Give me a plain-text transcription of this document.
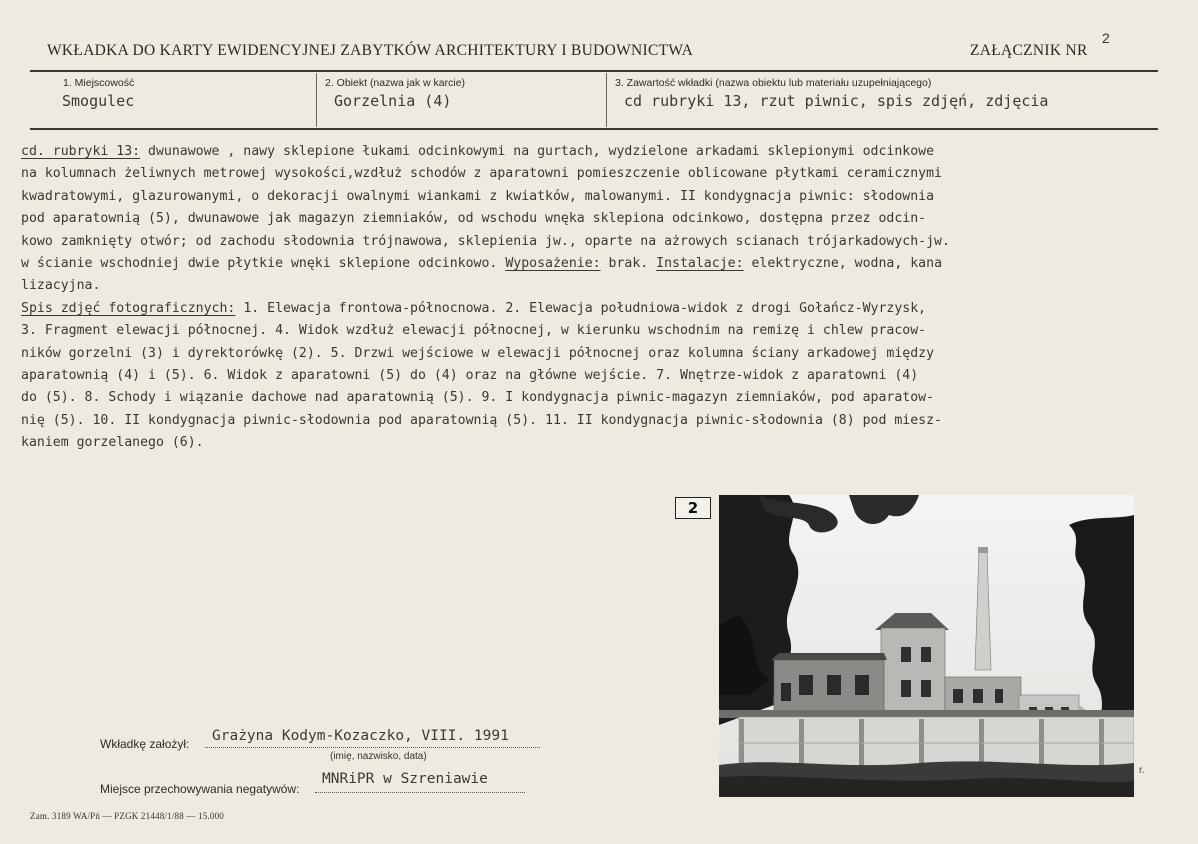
WKŁADKA DO KARTY EWIDENCYJNEJ ZABYTKÓW ARCHITEKTURY I BUDOWNICTWA	ZAŁĄCZNIK NR
2
1. Miejscowość
Smogulec
2. Obiekt (nazwa jak w karcie)
Gorzelnia (4)
3. Zawartość wkładki (nazwa obiektu lub materiału uzupełniającego)
cd rubryki 13, rzut piwnic, spis zdjęń, zdjęcia
cd. rubryki 13: dwunawowe , nawy sklepione łukami odcinkowymi na gurtach, wydzielone arkadami sklepionymi odcinkowe
na kolumnach żeliwnych metrowej wysokości,wzdłuż schodów z aparatowni pomieszczenie oblicowane płytkami ceramicznymi
kwadratowymi, glazurowanymi, o dekoracji owalnymi wiankami z kwiatków, malowanymi. II kondygnacja piwnic: słodownia
pod aparatownią (5), dwunawowe jak magazyn ziemniaków, od wschodu wnęka sklepiona odcinkowo, dostępna przez odcin-
kowo zamknięty otwór; od zachodu słodownia trójnawowa, sklepienia jw., oparte na ażrowych scianach trójarkadowych-jw.
w ścianie wschodniej dwie płytkie wnęki sklepione odcinkowo. Wyposażenie: brak. Instalacje: elektryczne, wodna, kana
lizacyjna.
Spis zdjęć fotograficznych: 1. Elewacja frontowa-północnowa. 2. Elewacja południowa-widok z drogi Gołańcz-Wyrzysk,
3. Fragment elewacji północnej. 4. Widok wzdłuż elewacji północnej, w kierunku wschodnim na remizę i chlew pracow-
ników gorzelni (3) i dyrektorówkę (2). 5. Drzwi wejściowe w elewacji północnej oraz kolumna ściany arkadowej między
aparatownią (4) i (5). 6. Widok z aparatowni (5) do (4) oraz na główne wejście. 7. Wnętrze-widok z aparatowni (4)
do (5). 8. Schody i wiązanie dachowe nad aparatownią (5). 9. I kondygnacja piwnic-magazyn ziemniaków, pod aparatow-
nię (5). 10. II kondygnacja piwnic-słodownia pod aparatownią (5). 11. II kondygnacja piwnic-słodownia (8) pod miesz-
kaniem gorzelanego (6).
2
r.
Wkładkę założył: Grażyna Kodym-Kozaczko, VIII. 1991
(imię, nazwisko, data)
Miejsce przechowywania negatywów:
MNRiPR w Szreniawie
Zam. 3189 WA/Pń — PZGK 21448/1/88 — 15.000
